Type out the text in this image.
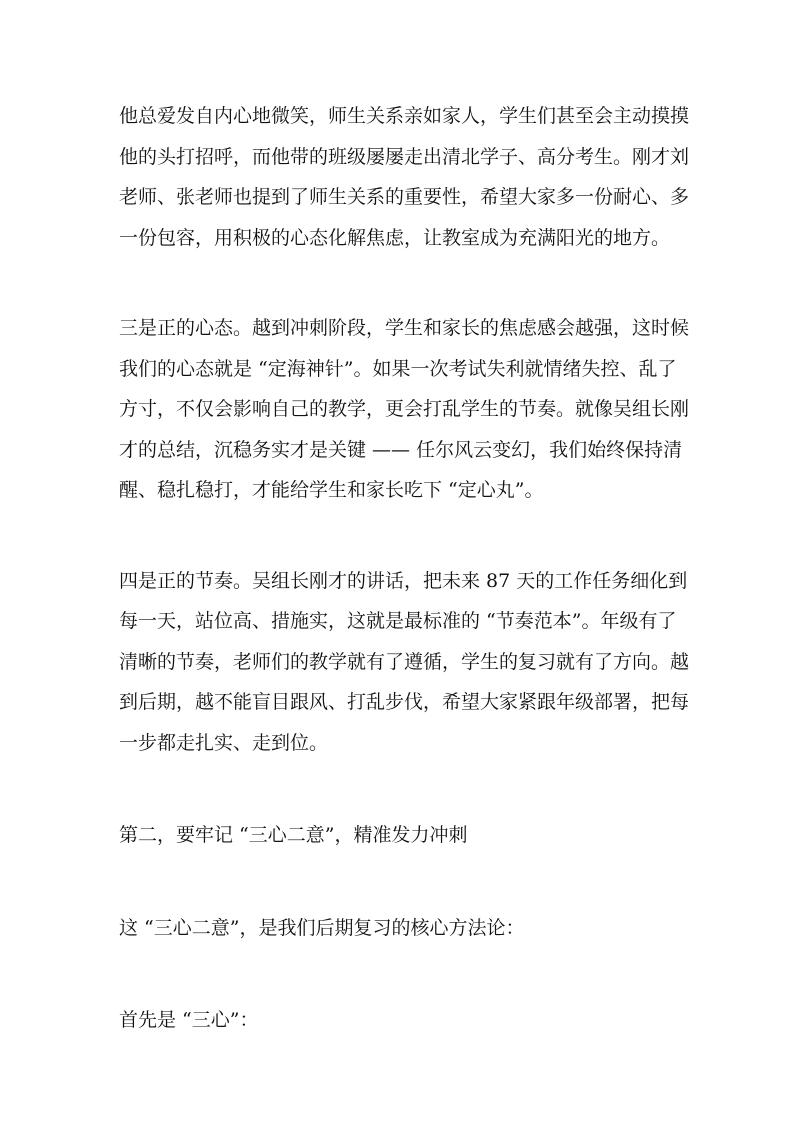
他总爱发自内心地微笑，师生关系亲如家人，学生们甚至会主动摸摸
他的头打招呼，而他带的班级屡屡走出清北学子、高分考生。刚才刘
老师、张老师也提到了师生关系的重要性，希望大家多一份耐心、多
一份包容，用积极的心态化解焦虑，让教室成为充满阳光的地方。

三是正的心态。越到冲刺阶段，学生和家长的焦虑感会越强，这时候
我们的心态就是 “定海神针”。如果一次考试失利就情绪失控、乱了
方寸，不仅会影响自己的教学，更会打乱学生的节奏。就像吴组长刚
才的总结，沉稳务实才是关键 —— 任尔风云变幻，我们始终保持清
醒、稳扎稳打，才能给学生和家长吃下 “定心丸”。

四是正的节奏。吴组长刚才的讲话，把未来 87 天的工作任务细化到
每一天，站位高、措施实，这就是最标准的 “节奏范本”。年级有了
清晰的节奏，老师们的教学就有了遵循，学生的复习就有了方向。越
到后期，越不能盲目跟风、打乱步伐，希望大家紧跟年级部署，把每
一步都走扎实、走到位。

第二，要牢记 “三心二意”，精准发力冲刺

这 “三心二意”，是我们后期复习的核心方法论：

首先是 “三心”：
